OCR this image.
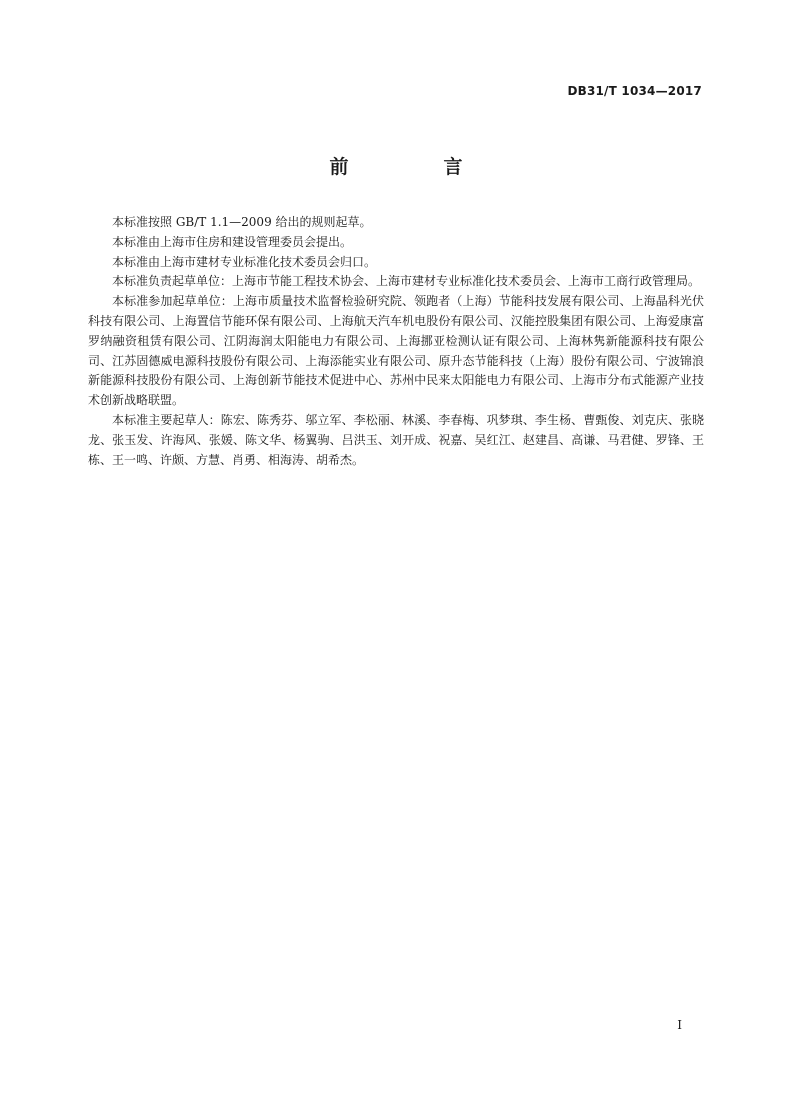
DB31/T 1034—2017
前　言

本标准按照 GB/T 1.1—2009 给出的规则起草。

本标准由上海市住房和建设管理委员会提出。

本标准由上海市建材专业标准化技术委员会归口。

本标准负责起草单位：上海市节能工程技术协会、上海市建材专业标准化技术委员会、上海市工商行政管理局。

本标准参加起草单位：上海市质量技术监督检验研究院、领跑者（上海）节能科技发展有限公司、上海晶科光伏科技有限公司、上海置信节能环保有限公司、上海航天汽车机电股份有限公司、汉能控股集团有限公司、上海爱康富罗纳融资租赁有限公司、江阴海润太阳能电力有限公司、上海挪亚检测认证有限公司、上海林隽新能源科技有限公司、江苏固德威电源科技股份有限公司、上海添能实业有限公司、原升态节能科技（上海）股份有限公司、宁波锦浪新能源科技股份有限公司、上海创新节能技术促进中心、苏州中民来太阳能电力有限公司、上海市分布式能源产业技术创新战略联盟。

本标准主要起草人：陈宏、陈秀芬、邬立军、李松丽、林溪、李春梅、巩梦琪、李生杨、曹甄俊、刘克庆、张晓龙、张玉发、许海风、张媛、陈文华、杨翼驹、吕洪玉、刘开成、祝嘉、吴红江、赵建昌、高谦、马君健、罗锋、王栋、王一鸣、许颇、方慧、肖勇、相海涛、胡希杰。

I
